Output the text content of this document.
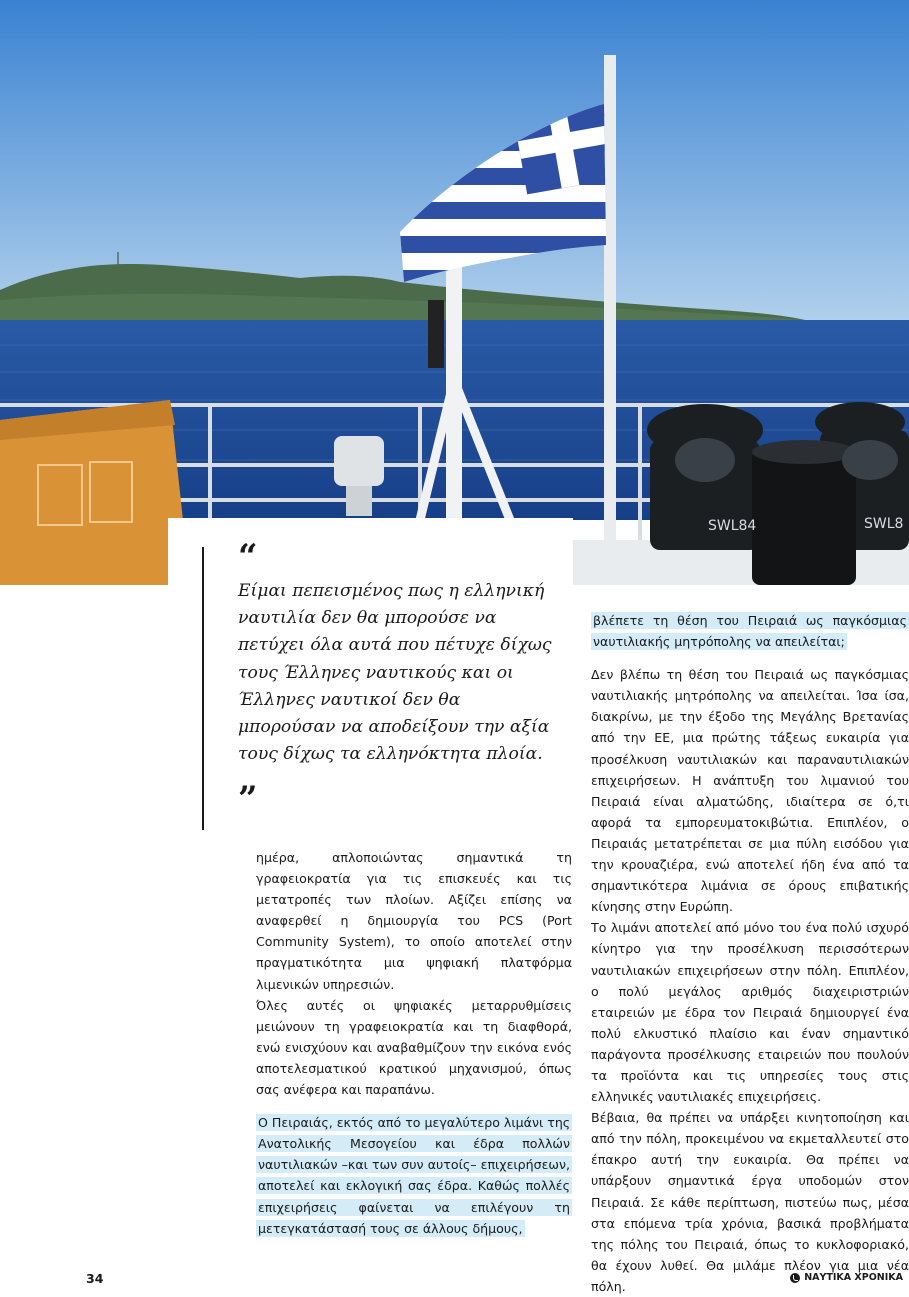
SWL84	SWL8
“

Είμαι πεπεισμένος πως η ελληνική ναυτιλία δεν θα μπορούσε να πετύχει όλα αυτά που πέτυχε δίχως τους Έλληνες ναυτικούς και οι Έλληνες ναυτικοί δεν θα μπορούσαν να αποδείξουν την αξία τους δίχως τα ελληνόκτητα πλοία.

”

ημέρα, απλοποιώντας σημαντικά τη γραφειοκρατία για τις επισκευές και τις μετατροπές των πλοίων. Αξίζει επίσης να αναφερθεί η δημιουργία του PCS (Port Community System), το οποίο αποτελεί στην πραγματικότητα μια ψηφιακή πλατφόρμα λιμενικών υπηρεσιών.

Όλες αυτές οι ψηφιακές μεταρρυθμίσεις μειώνουν τη γραφειοκρατία και τη διαφθορά, ενώ ενισχύουν και αναβαθμίζουν την εικόνα ενός αποτελεσματικού κρατικού μηχανισμού, όπως σας ανέφερα και παραπάνω.

Ο Πειραιάς, εκτός από το μεγαλύτερο λιμάνι της Ανατολικής Μεσογείου και έδρα πολλών ναυτιλιακών –και των συν αυτοίς– επιχειρήσεων, αποτελεί και εκλογική σας έδρα. Καθώς πολλές επιχειρήσεις φαίνεται να επιλέγουν τη μετεγκατάστασή τους σε άλλους δήμους,

βλέπετε τη θέση του Πειραιά ως παγκόσμιας ναυτιλιακής μητρόπολης να απειλείται;

Δεν βλέπω τη θέση του Πειραιά ως παγκόσμιας ναυτιλιακής μητρόπολης να απειλείται. Ίσα ίσα, διακρίνω, με την έξοδο της Μεγάλης Βρετανίας από την ΕΕ, μια πρώτης τάξεως ευκαιρία για προσέλκυση ναυτιλιακών και παραναυτιλιακών επιχειρήσεων. Η ανάπτυξη του λιμανιού του Πειραιά είναι αλματώδης, ιδιαίτερα σε ό,τι αφορά τα εμπορευματοκιβώτια. Επιπλέον, ο Πειραιάς μετατρέπεται σε μια πύλη εισόδου για την κρουαζιέρα, ενώ αποτελεί ήδη ένα από τα σημαντικότερα λιμάνια σε όρους επιβατικής κίνησης στην Ευρώπη.

Το λιμάνι αποτελεί από μόνο του ένα πολύ ισχυρό κίνητρο για την προσέλκυση περισσότερων ναυτιλιακών επιχειρήσεων στην πόλη. Επιπλέον, ο πολύ μεγάλος αριθμός διαχειριστριών εταιρειών με έδρα τον Πειραιά δημιουργεί ένα πολύ ελκυστικό πλαίσιο και έναν σημαντικό παράγοντα προσέλκυσης εταιρειών που πουλούν τα προϊόντα και τις υπηρεσίες τους στις ελληνικές ναυτιλιακές επιχειρήσεις.

Βέβαια, θα πρέπει να υπάρξει κινητοποίηση και από την πόλη, προκειμένου να εκμεταλλευτεί στο έπακρο αυτή την ευκαιρία. Θα πρέπει να υπάρξουν σημαντικά έργα υποδομών στον Πειραιά. Σε κάθε περίπτωση, πιστεύω πως, μέσα στα επόμενα τρία χρόνια, βασικά προβλήματα της πόλης του Πειραιά, όπως το κυκλοφοριακό, θα έχουν λυθεί. Θα μιλάμε πλέον για μια νέα πόλη.

34	ΝΑΥΤΙΚΑ ΧΡΟΝΙΚΑ
